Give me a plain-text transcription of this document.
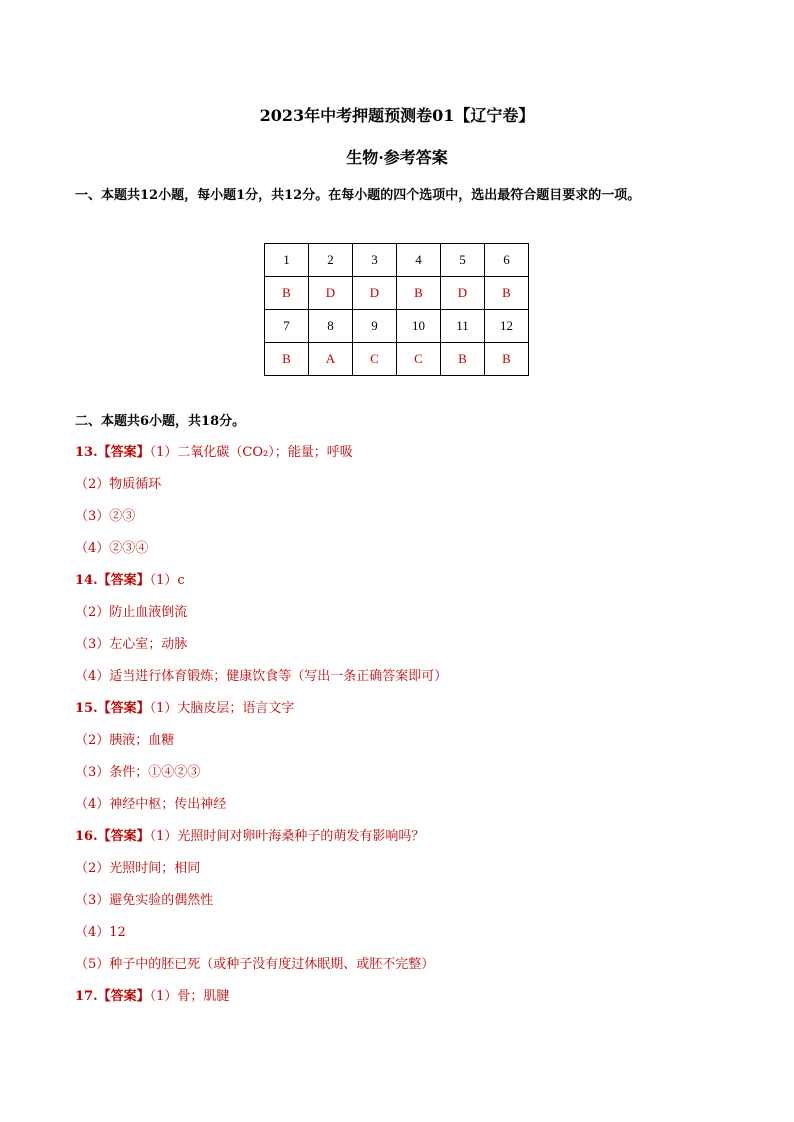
2023年中考押题预测卷01【辽宁卷】
生物·参考答案
一、本题共12小题，每小题1分，共12分。在每小题的四个选项中，选出最符合题目要求的一项。
1	2	3	4	5	6
B	D	D	B	D	B
7	8	9	10	11	12
B	A	C	C	B	B
二、本题共6小题，共18分。
13.【答案】（1）二氧化碳（CO₂）；能量；呼吸
（2）物质循环
（3）②③
（4）②③④
14.【答案】（1）c
（2）防止血液倒流
（3）左心室；动脉
（4）适当进行体育锻炼；健康饮食等（写出一条正确答案即可）
15.【答案】（1）大脑皮层；语言文字
（2）胰液；血糖
（3）条件；①④②③
（4）神经中枢；传出神经
16.【答案】（1）光照时间对卵叶海桑种子的萌发有影响吗？
（2）光照时间；相同
（3）避免实验的偶然性
（4）12
（5）种子中的胚已死（或种子没有度过休眠期、或胚不完整）
17.【答案】（1）骨；肌腱
